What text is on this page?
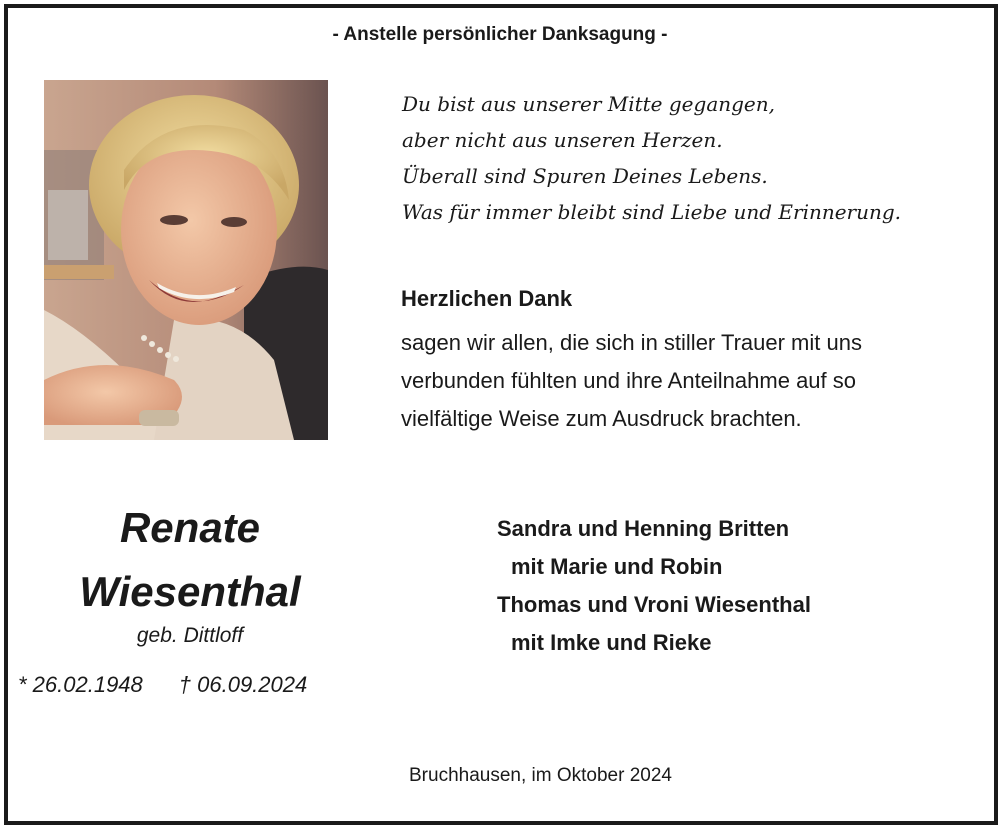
- Anstelle persönlicher Danksagung -
Du bist aus unserer Mitte gegangen,
aber nicht aus unseren Herzen.
Überall sind Spuren Deines Lebens.
Was für immer bleibt sind Liebe und Erinnerung.
Herzlichen Dank
sagen wir allen, die sich in stiller Trauer mit uns
verbunden fühlten und ihre Anteilnahme auf so
vielfältige Weise zum Ausdruck brachten.
Renate
Wiesenthal
geb. Dittloff
* 26.02.1948 † 06.09.2024
Sandra und Henning Britten
mit Marie und Robin
Thomas und Vroni Wiesenthal
mit Imke und Rieke
Bruchhausen, im Oktober 2024
